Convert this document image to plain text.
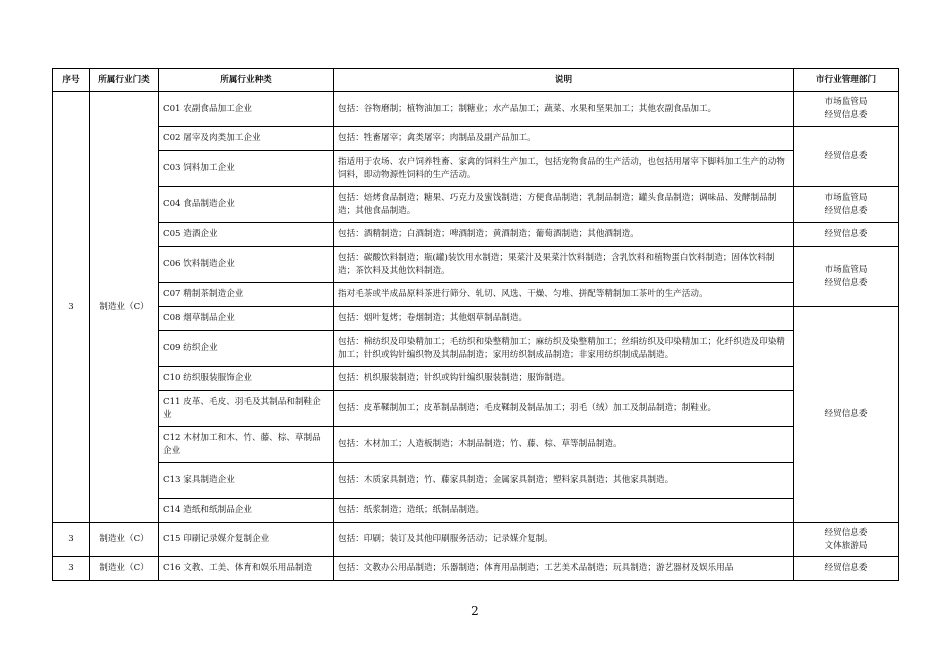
序号	所属行业门类	所属行业种类	说明	市行业管理部门
3	制造业（C）	C01 农副食品加工企业	包括：谷物磨制；植物油加工；制糖业；水产品加工；蔬菜、水果和坚果加工；其他农副食品加工。	市场监管局
经贸信息委

		C02 屠宰及肉类加工企业	包括：牲畜屠宰；禽类屠宰；肉制品及副产品加工。	经贸信息委

		C03 饲料加工企业	指适用于农场、农户饲养牲畜、家禽的饲料生产加工，包括宠物食品的生产活动，也包括用屠宰下脚料加工生产的动物饲料，即动物源性饲料的生产活动。	
		C04 食品制造企业	包括：焙烤食品制造；糖果、巧克力及蜜饯制造；方便食品制造；乳制品制造；罐头食品制造；调味品、发酵制品制造；其他食品制造。	市场监管局
经贸信息委

		C05 造酒企业	包括：酒精制造；白酒制造；啤酒制造；黄酒制造；葡萄酒制造；其他酒制造。	经贸信息委

		C06 饮料制造企业	包括：碳酸饮料制造；瓶(罐)装饮用水制造；果菜汁及果菜汁饮料制造；含乳饮料和植物蛋白饮料制造；固体饮料制造；茶饮料及其他饮料制造。	市场监管局
经贸信息委

		C07 精制茶制造企业	指对毛茶或半成品原料茶进行筛分、轧切、风选、干燥、匀堆、拼配等精制加工茶叶的生产活动。	
		C08 烟草制品企业	包括：烟叶复烤；卷烟制造；其他烟草制品制造。	经贸信息委

		C09 纺织企业	包括：棉纺织及印染精加工；毛纺织和染整精加工；麻纺织及染整精加工；丝绢纺织及印染精加工；化纤织造及印染精加工；针织或钩针编织物及其制品制造；家用纺织制成品制造；非家用纺织制成品制造。	
		C10 纺织服装服饰企业	包括：机织服装制造；针织或钩针编织服装制造；服饰制造。	
		C11 皮革、毛皮、羽毛及其制品和制鞋企业	包括：皮革鞣制加工；皮革制品制造；毛皮鞣制及制品加工；羽毛（绒）加工及制品制造；制鞋业。	
		C12 木材加工和木、竹、藤、棕、草制品企业	包括：木材加工；人造板制造；木制品制造；竹、藤、棕、草等制品制造。	
		C13 家具制造企业	包括：木质家具制造；竹、藤家具制造；金属家具制造；塑料家具制造；其他家具制造。	
		C14 造纸和纸制品企业	包括：纸浆制造；造纸；纸制品制造。	
3	制造业（C）	C15 印刷记录媒介复制企业	包括：印刷；装订及其他印刷服务活动；记录媒介复制。	经贸信息委
文体旅游局

3	制造业（C）	C16 文教、工美、体育和娱乐用品制造	包括：文教办公用品制造；乐器制造；体育用品制造；工艺美术品制造；玩具制造；游艺器材及娱乐用品	经贸信息委
2
